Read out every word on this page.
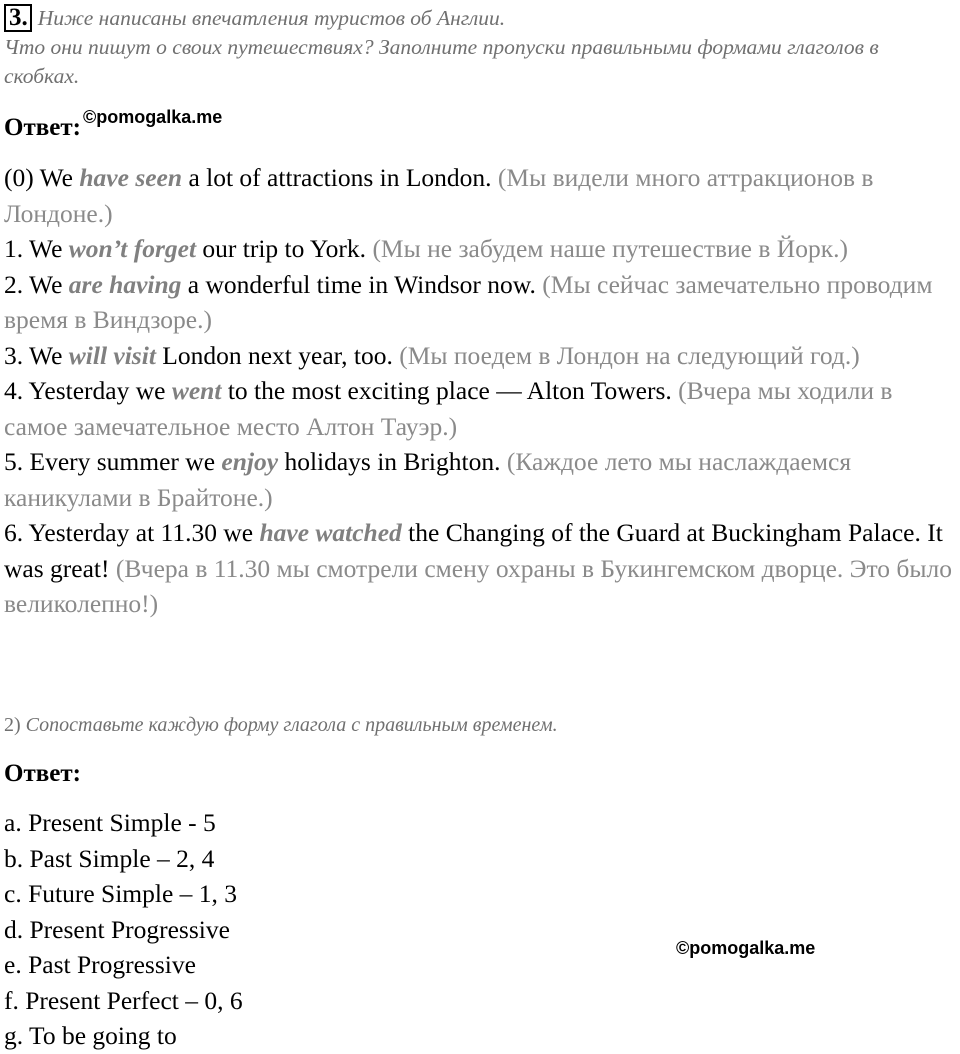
3. Ниже написаны впечатления туристов об Англии.
Что они пишут о своих путешествиях? Заполните пропуски правильными формами глаголов в скобках.
Ответ: $^{©pomogalka.me}$

(0) We have seen a lot of attractions in London. (Мы видели много аттракционов в Лондоне.)

1. We won’t forget our trip to York. (Мы не забудем наше путешествие в Йорк.)

2. We are having a wonderful time in Windsor now. (Мы сейчас замечательно проводим время в Виндзоре.)

3. We will visit London next year, too. (Мы поедем в Лондон на следующий год.)

4. Yesterday we went to the most exciting place — Alton Towers. (Вчера мы ходили в самое замечательное место Алтон Тауэр.)

5. Every summer we enjoy holidays in Brighton. (Каждое лето мы наслаждаемся каникулами в Брайтоне.)

6. Yesterday at 11.30 we have watched the Changing of the Guard at Buckingham Palace. It was great! (Вчера в 11.30 мы смотрели смену охраны в Букингемском дворце. Это было великолепно!)

2) Сопоставьте каждую форму глагола с правильным временем.
Ответ:
a. Present Simple - 5
b. Past Simple – 2, 4
c. Future Simple – 1, 3
d. Present Progressive
e. Past Progressive
f. Present Perfect – 0, 6
g. To be going to
©pomogalka.me
